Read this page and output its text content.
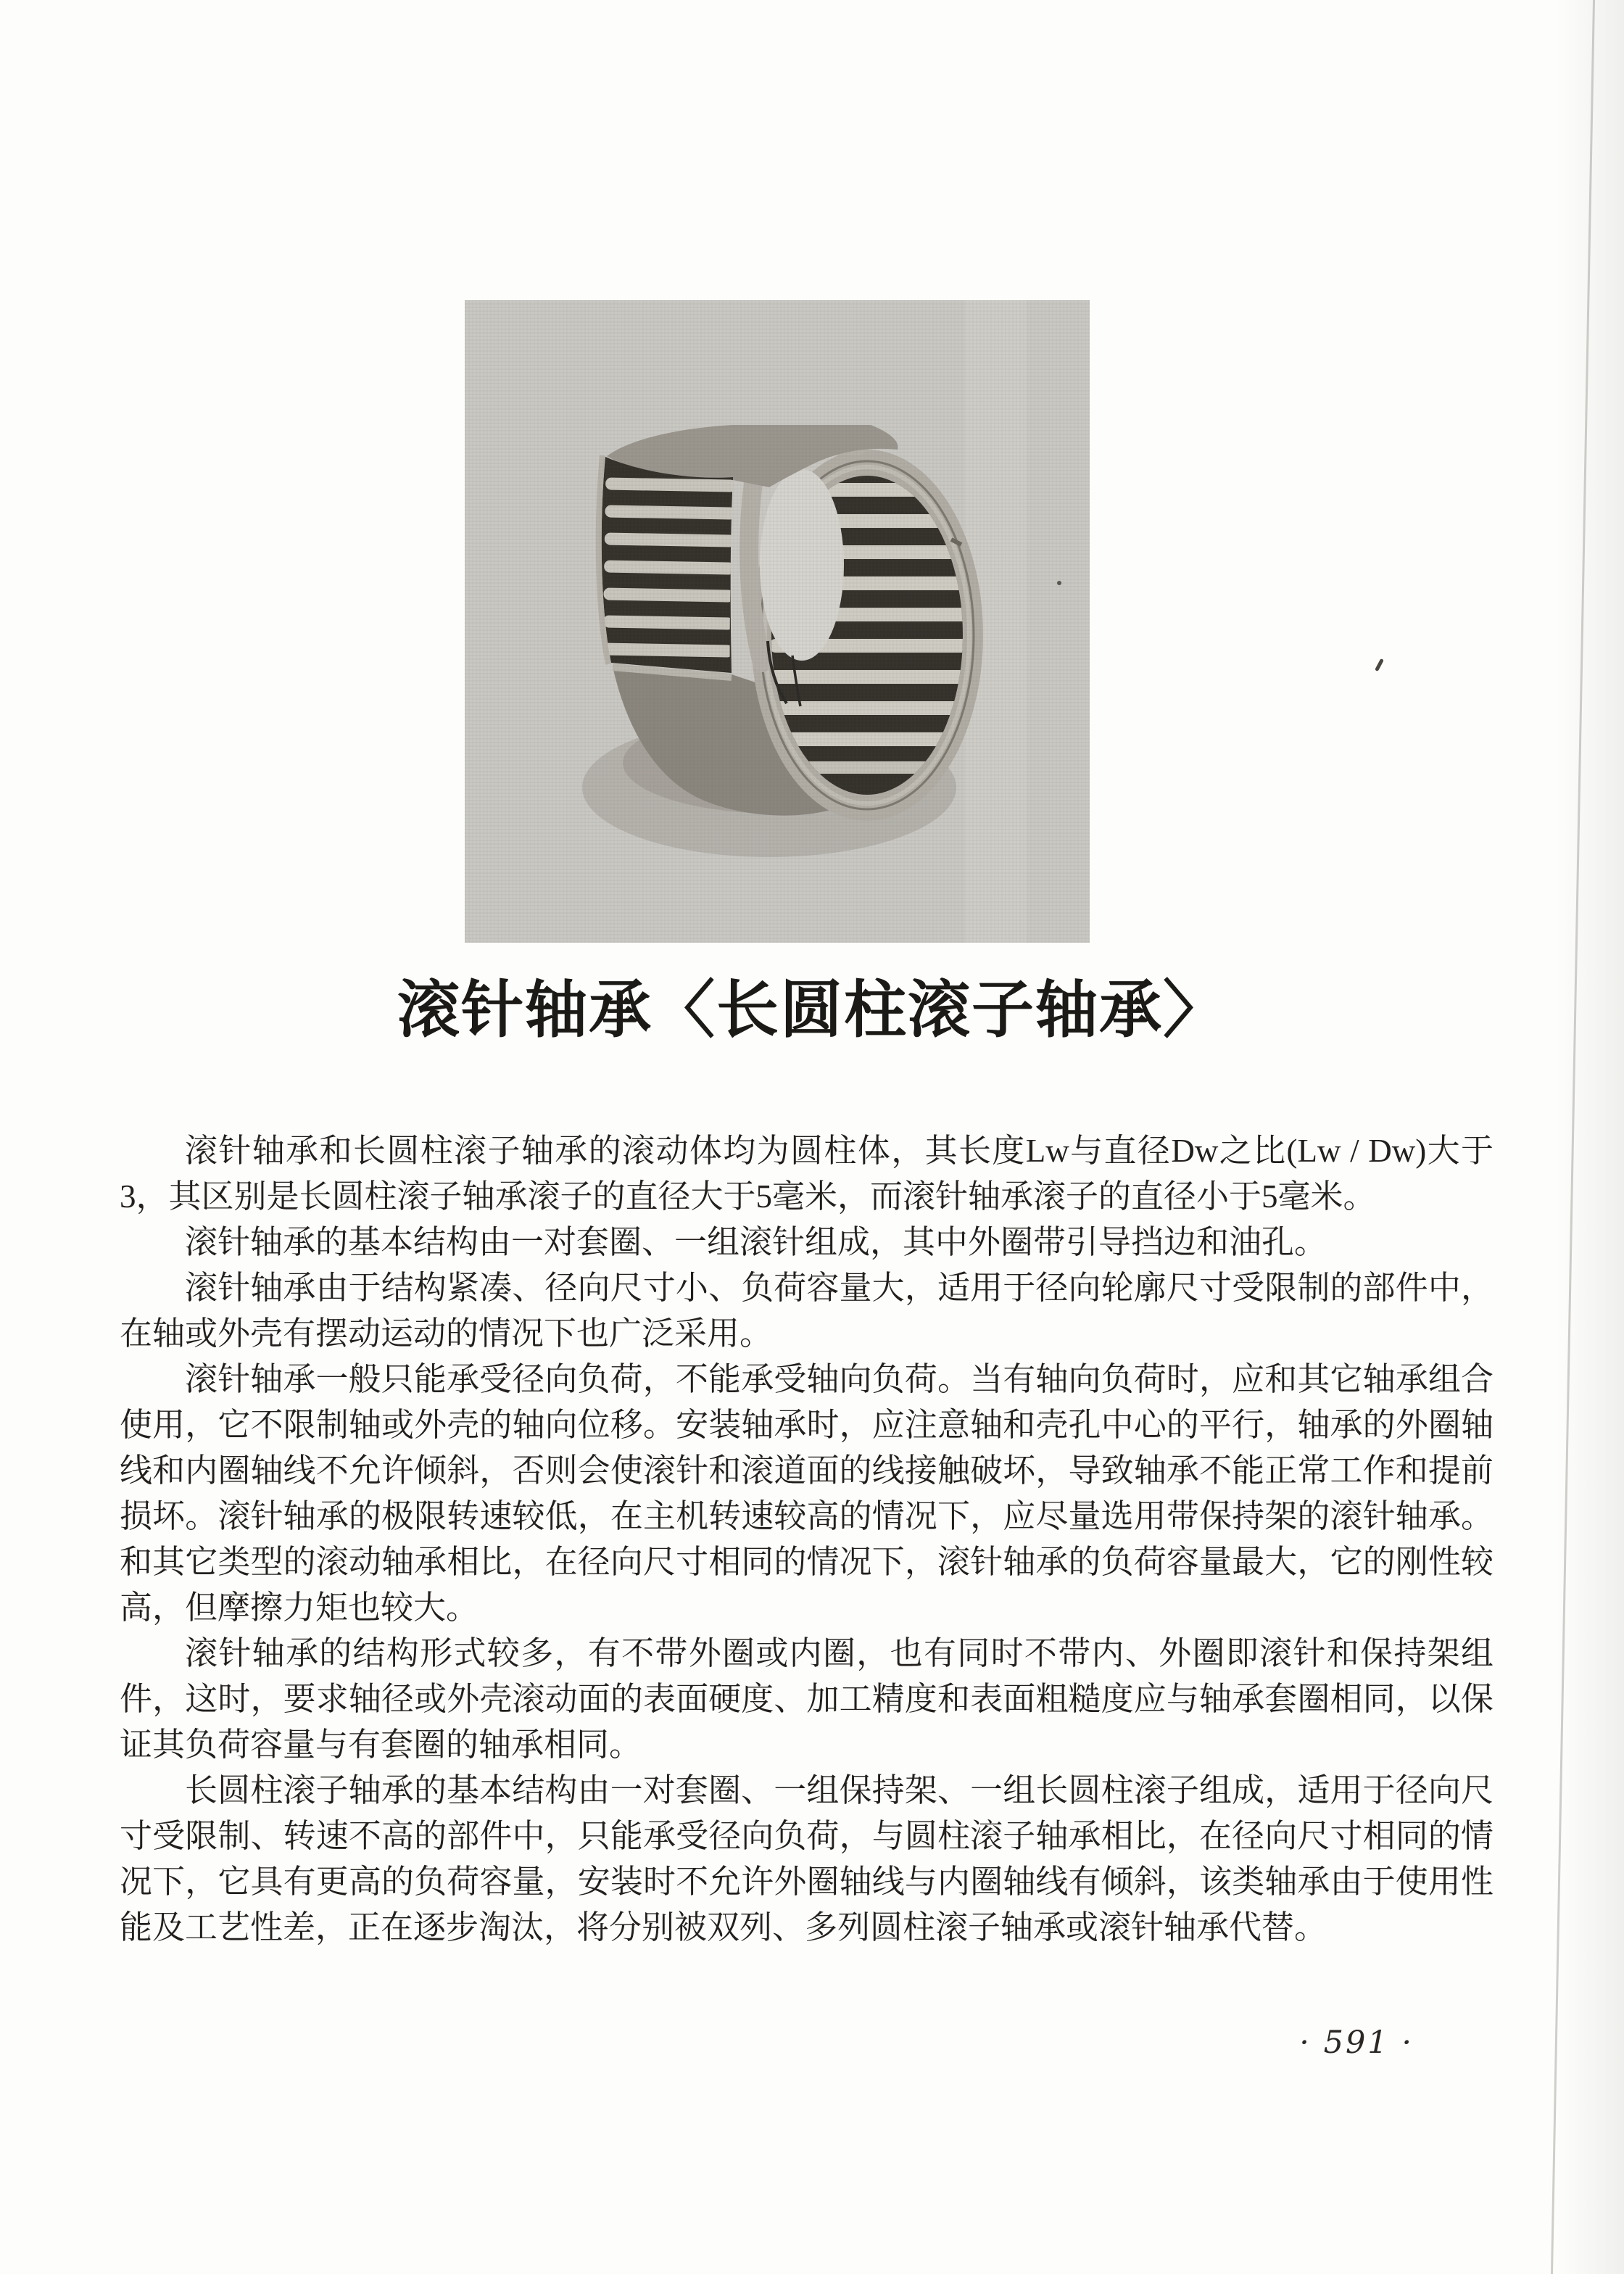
滚针轴承〈长圆柱滚子轴承〉

滚针轴承和长圆柱滚子轴承的滚动体均为圆柱体，其长度Lw与直径Dw之比(Lw / Dw)大于3，其区别是长圆柱滚子轴承滚子的直径大于5毫米，而滚针轴承滚子的直径小于5毫米。

滚针轴承的基本结构由一对套圈、一组滚针组成，其中外圈带引导挡边和油孔。

滚针轴承由于结构紧凑、径向尺寸小、负荷容量大，适用于径向轮廓尺寸受限制的部件中，在轴或外壳有摆动运动的情况下也广泛采用。

滚针轴承一般只能承受径向负荷，不能承受轴向负荷。当有轴向负荷时，应和其它轴承组合使用，它不限制轴或外壳的轴向位移。安装轴承时，应注意轴和壳孔中心的平行，轴承的外圈轴线和内圈轴线不允许倾斜，否则会使滚针和滚道面的线接触破坏，导致轴承不能正常工作和提前损坏。滚针轴承的极限转速较低，在主机转速较高的情况下，应尽量选用带保持架的滚针轴承。和其它类型的滚动轴承相比，在径向尺寸相同的情况下，滚针轴承的负荷容量最大，它的刚性较高，但摩擦力矩也较大。

滚针轴承的结构形式较多，有不带外圈或内圈，也有同时不带内、外圈即滚针和保持架组件，这时，要求轴径或外壳滚动面的表面硬度、加工精度和表面粗糙度应与轴承套圈相同，以保证其负荷容量与有套圈的轴承相同。

长圆柱滚子轴承的基本结构由一对套圈、一组保持架、一组长圆柱滚子组成，适用于径向尺寸受限制、转速不高的部件中，只能承受径向负荷，与圆柱滚子轴承相比，在径向尺寸相同的情况下，它具有更高的负荷容量，安装时不允许外圈轴线与内圈轴线有倾斜，该类轴承由于使用性能及工艺性差，正在逐步淘汰，将分别被双列、多列圆柱滚子轴承或滚针轴承代替。

· 591 ·
